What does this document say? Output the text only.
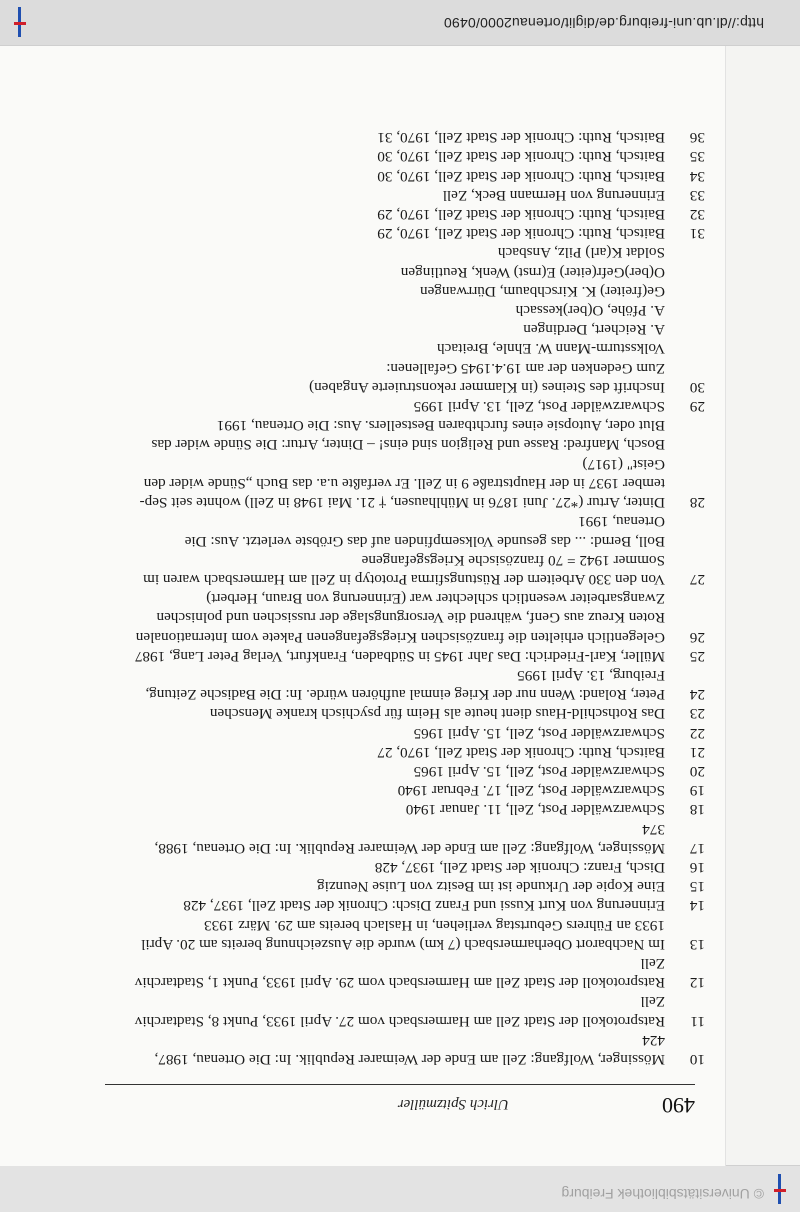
© Universitätsbibliothek Freiburg
490
Ulrich Spitzmüller
10
Mössinger, Wolfgang: Zell am Ende der Weimarer Republik. In: Die Ortenau, 1987,
424
11
Ratsprotokoll der Stadt Zell am Harmersbach vom 27. April 1933, Punkt 8, Stadtarchiv
Zell
12
Ratsprotokoll der Stadt Zell am Harmersbach vom 29. April 1933, Punkt 1, Stadtarchiv
Zell
13
Im Nachbarort Oberharmersbach (7 km) wurde die Auszeichnung bereits am 20. April
1933 an Führers Geburtstag verliehen, in Haslach bereits am 29. März 1933
14
Erinnerung von Kurt Kussi und Franz Disch: Chronik der Stadt Zell, 1937, 428
15
Eine Kopie der Urkunde ist im Besitz von Luise Neunzig
16
Disch, Franz: Chronik der Stadt Zell, 1937, 428
17
Mössinger, Wolfgang: Zell am Ende der Weimarer Republik. In: Die Ortenau, 1988,
374
18
Schwarzwälder Post, Zell, 11. Januar 1940
19
Schwarzwälder Post, Zell, 17. Februar 1940
20
Schwarzwälder Post, Zell, 15. April 1965
21
Baitsch, Ruth: Chronik der Stadt Zell, 1970, 27
22
Schwarzwälder Post, Zell, 15. April 1965
23
Das Rothschild-Haus dient heute als Heim für psychisch kranke Menschen
24
Peter, Roland: Wenn nur der Krieg einmal aufhören würde. In: Die Badische Zeitung,
Freiburg, 13. April 1995
25
Müller, Karl-Friedrich: Das Jahr 1945 in Südbaden, Frankfurt, Verlag Peter Lang, 1987
26
Gelegentlich erhielten die französischen Kriegsgefangenen Pakete vom Internationalen
Roten Kreuz aus Genf, während die Versorgungslage der russischen und polnischen
Zwangsarbeiter wesentlich schlechter war (Erinnerung von Braun, Herbert)
27
Von den 330 Arbeitern der Rüstungsfirma Prototyp in Zell am Harmersbach waren im
Sommer 1942 = 70 französische Kriegsgefangene
Boll, Bernd: ... das gesunde Volksempfinden auf das Gröbste verletzt. Aus: Die
Ortenau, 1991
28
Dinter, Artur (*27. Juni 1876 in Mühlhausen, † 21. Mai 1948 in Zell) wohnte seit Sep-
tember 1937 in der Hauptstraße 9 in Zell. Er verfaßte u.a. das Buch „Sünde wider den
Geist" (1917)
Bosch, Manfred: Rasse und Religion sind eins! – Dinter, Artur: Die Sünde wider das
Blut oder, Autopsie eines furchtbaren Bestsellers. Aus: Die Ortenau, 1991
29
Schwarzwälder Post, Zell, 13. April 1995
30
Inschrift des Steines (in Klammer rekonstruierte Angaben)
Zum Gedenken der am 19.4.1945 Gefallenen:
Volkssturm-Mann W. Ehnle, Breitach
A. Reichert, Derdingen
A. Pföhe, O(ber)kessach
Ge(freiter) K. Kirschbaum, Dürrwangen
O(ber)Gefr(eiter) E(rnst) Wenk, Reutlingen
Soldat K(arl) Pilz, Ansbach
31
Baitsch, Ruth: Chronik der Stadt Zell, 1970, 29
32
Baitsch, Ruth: Chronik der Stadt Zell, 1970, 29
33
Erinnerung von Hermann Beck, Zell
34
Baitsch, Ruth: Chronik der Stadt Zell, 1970, 30
35
Baitsch, Ruth: Chronik der Stadt Zell, 1970, 30
36
Baitsch, Ruth: Chronik der Stadt Zell, 1970, 31
http://dl.ub.uni-freiburg.de/diglit/ortenau2000/0490
